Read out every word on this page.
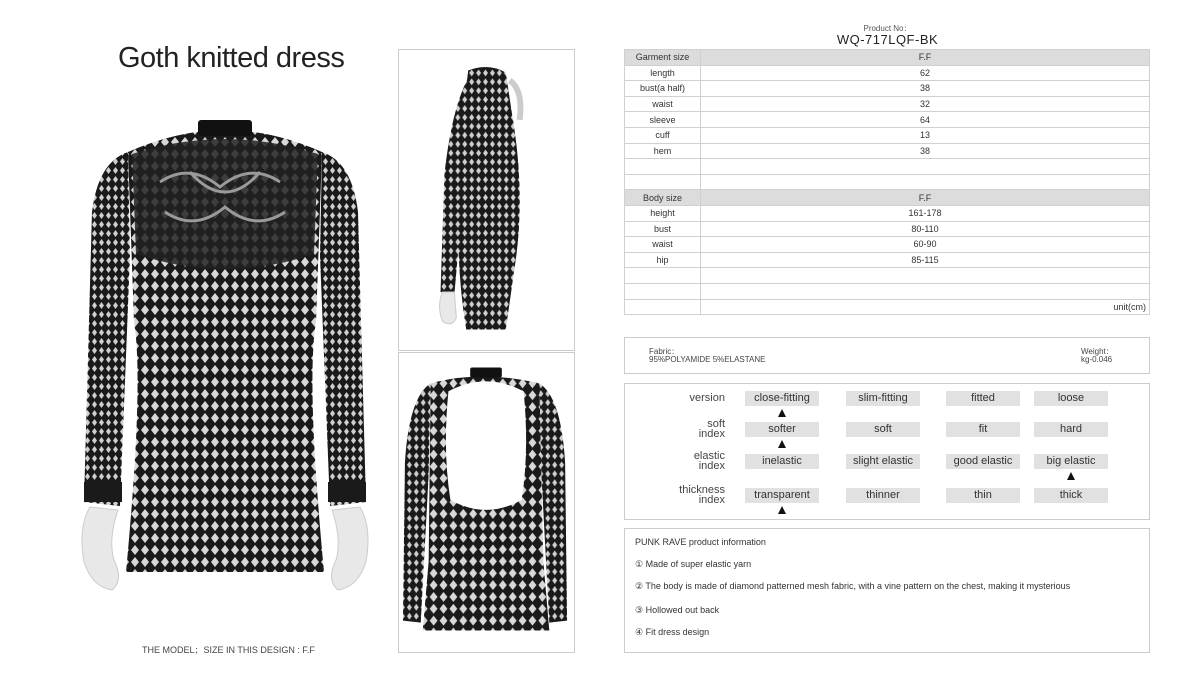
Goth knitted dress
THE MODEL；SIZE IN THIS DESIGN : F.F
Product No：
WQ-717LQF-BK
Garment size	F.F
length	62
bust(a half)	38
waist	32
sleeve	64
cuff	13
hem	38

Body size	F.F
height	161-178
bust	80-110
waist	60-90
hip	85-115

	unit(cm)
Fabric：
95%POLYAMIDE 5%ELASTANE
Weight：
kg-0.046
version	close-fitting	slim-fitting	fitted	loose
soft
index	softer	soft	fit	hard
elastic
index	inelastic	slight elastic	good elastic	big elastic
thickness
index	transparent	thinner	thin	thick
PUNK RAVE product information
① Made of super elastic yarn
② The body is made of diamond patterned mesh fabric, with a vine pattern on the chest, making it mysterious
③ Hollowed out back
④ Fit dress design
